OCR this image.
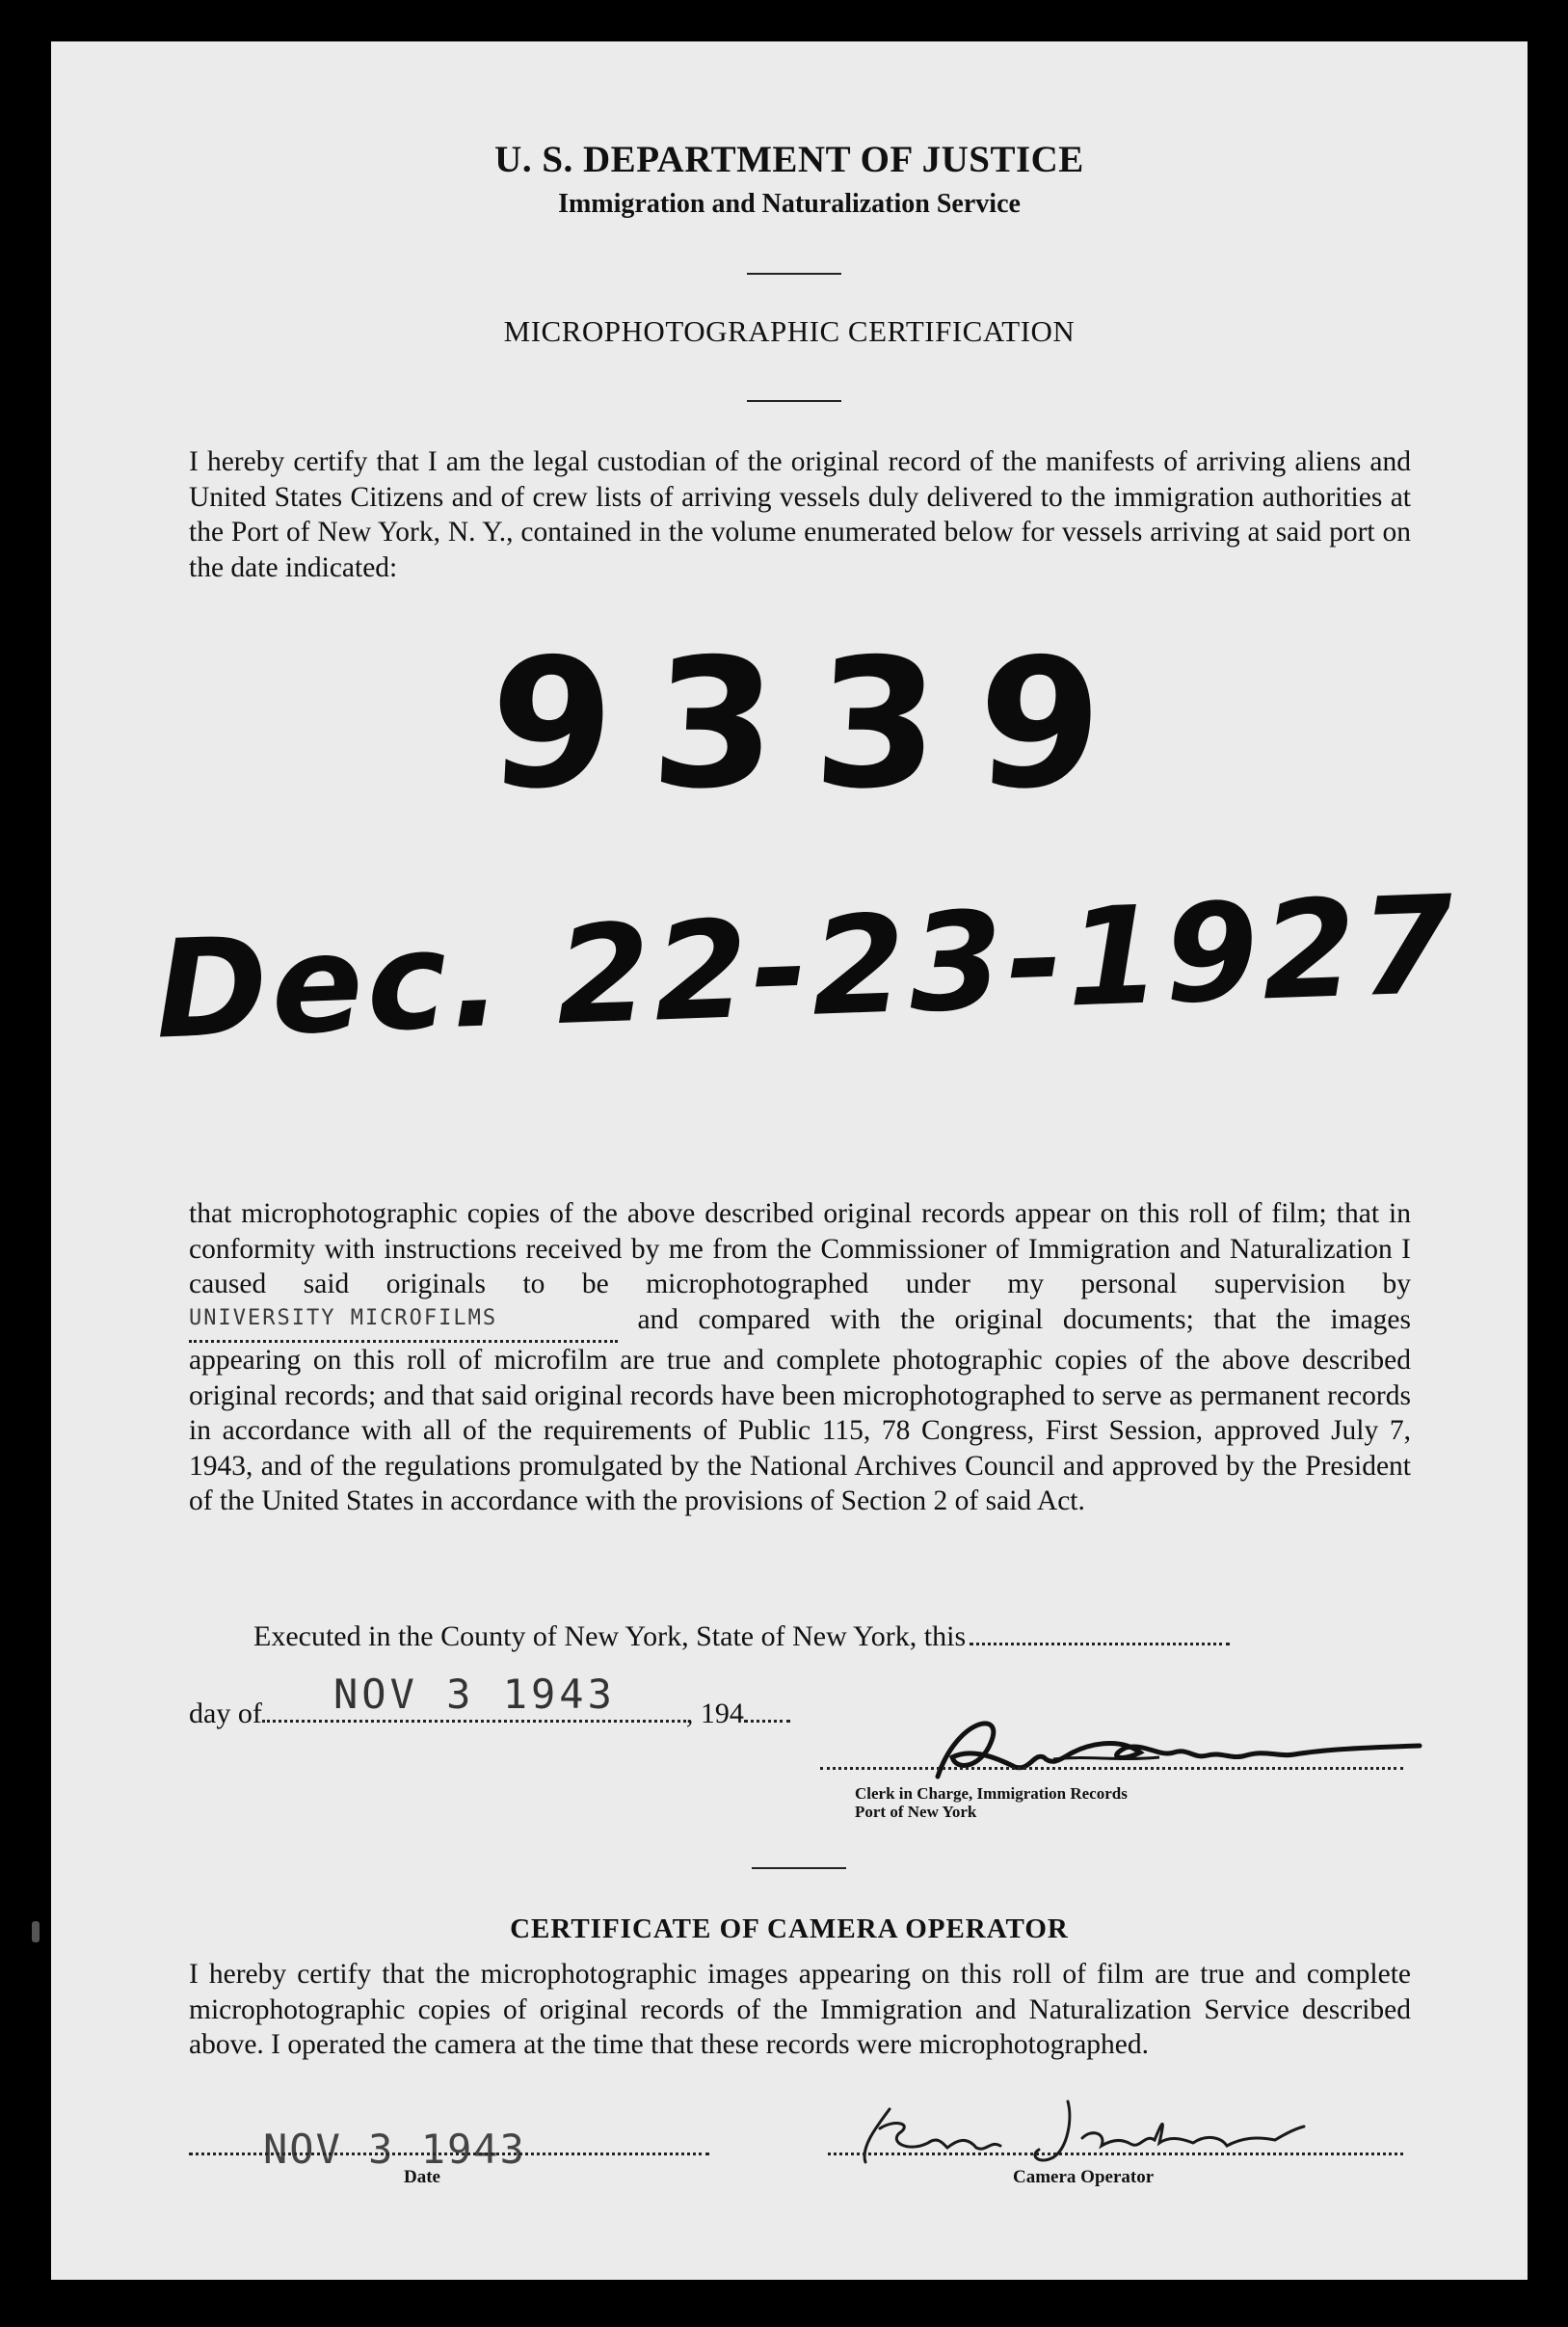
U. S. DEPARTMENT OF JUSTICE
Immigration and Naturalization Service
MICROPHOTOGRAPHIC CERTIFICATION
I hereby certify that I am the legal custodian of the original record of the manifests of arriving aliens and United States Citizens and of crew lists of arriving vessels duly delivered to the immigration authorities at the Port of New York, N. Y., contained in the volume enumerated below for vessels arriving at said port on the date indicated:
9339
Dec. 22-23-1927
that microphotographic copies of the above described original records appear on this roll of film; that in conformity with instructions received by me from the Commissioner of Immigration and Naturalization I caused said originals to be microphotographed under my personal supervision by UNIVERSITY MICROFILMS	and compared with the original documents; that the images appearing on this roll of microfilm are true and complete photographic copies of the above described original records; and that said original records have been microphotographed to serve as permanent records in accordance with all of the requirements of Public 115, 78 Congress, First Session, approved July 7, 1943, and of the regulations promulgated by the National Archives Council and approved by the President of the United States in accordance with the provisions of Section 2 of said Act.
Executed in the County of New York, State of New York, this
day of	, 194
NOV 3 1943
Clerk in Charge, Immigration Records
Port of New York
CERTIFICATE OF CAMERA OPERATOR
I hereby certify that the microphotographic images appearing on this roll of film are true and complete microphotographic copies of original records of the Immigration and Naturalization Service described above. I operated the camera at the time that these records were microphotographed.
NOV 3 1943
Date	Camera Operator
